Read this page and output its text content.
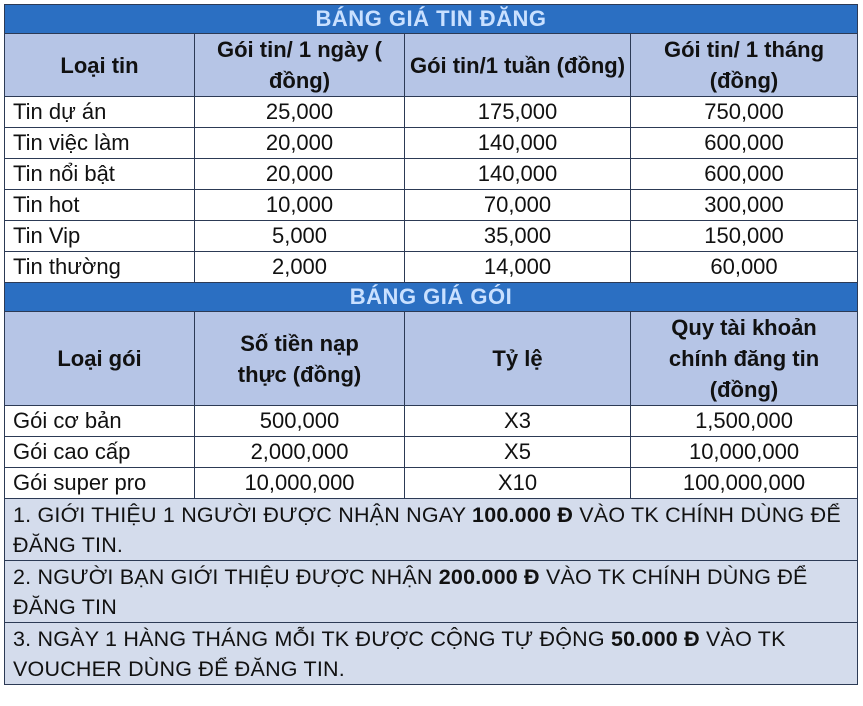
BÁNG GIÁ TIN ĐĂNG			
Loại tin	Gói tin/ 1 ngày ( đồng)	Gói tin/1 tuần (đồng)	Gói tin/ 1 tháng (đồng)
Tin dự án	25,000	175,000	750,000
Tin việc làm	20,000	140,000	600,000
Tin nổi bật	20,000	140,000	600,000
Tin hot	10,000	70,000	300,000
Tin Vip	5,000	35,000	150,000
Tin thường	2,000	14,000	60,000
BÁNG GIÁ GÓI			
Loại gói	Số tiền nạp thực (đồng)	Tỷ lệ	Quy tài khoản chính đăng tin (đồng)
Gói cơ bản	500,000	X3	1,500,000
Gói cao cấp	2,000,000	X5	10,000,000
Gói super pro	10,000,000	X10	100,000,000
1. GIỚI THIỆU 1 NGƯỜI ĐƯỢC NHẬN NGAY 100.000 Đ VÀO TK CHÍNH DÙNG ĐỂ ĐĂNG TIN.			
2. NGƯỜI BẠN GIỚI THIỆU ĐƯỢC NHẬN 200.000 Đ VÀO TK CHÍNH DÙNG ĐỂ ĐĂNG TIN			
3. NGÀY 1 HÀNG THÁNG MỖI TK ĐƯỢC CỘNG TỰ ĐỘNG 50.000 Đ VÀO TK VOUCHER DÙNG ĐỂ ĐĂNG TIN.			
